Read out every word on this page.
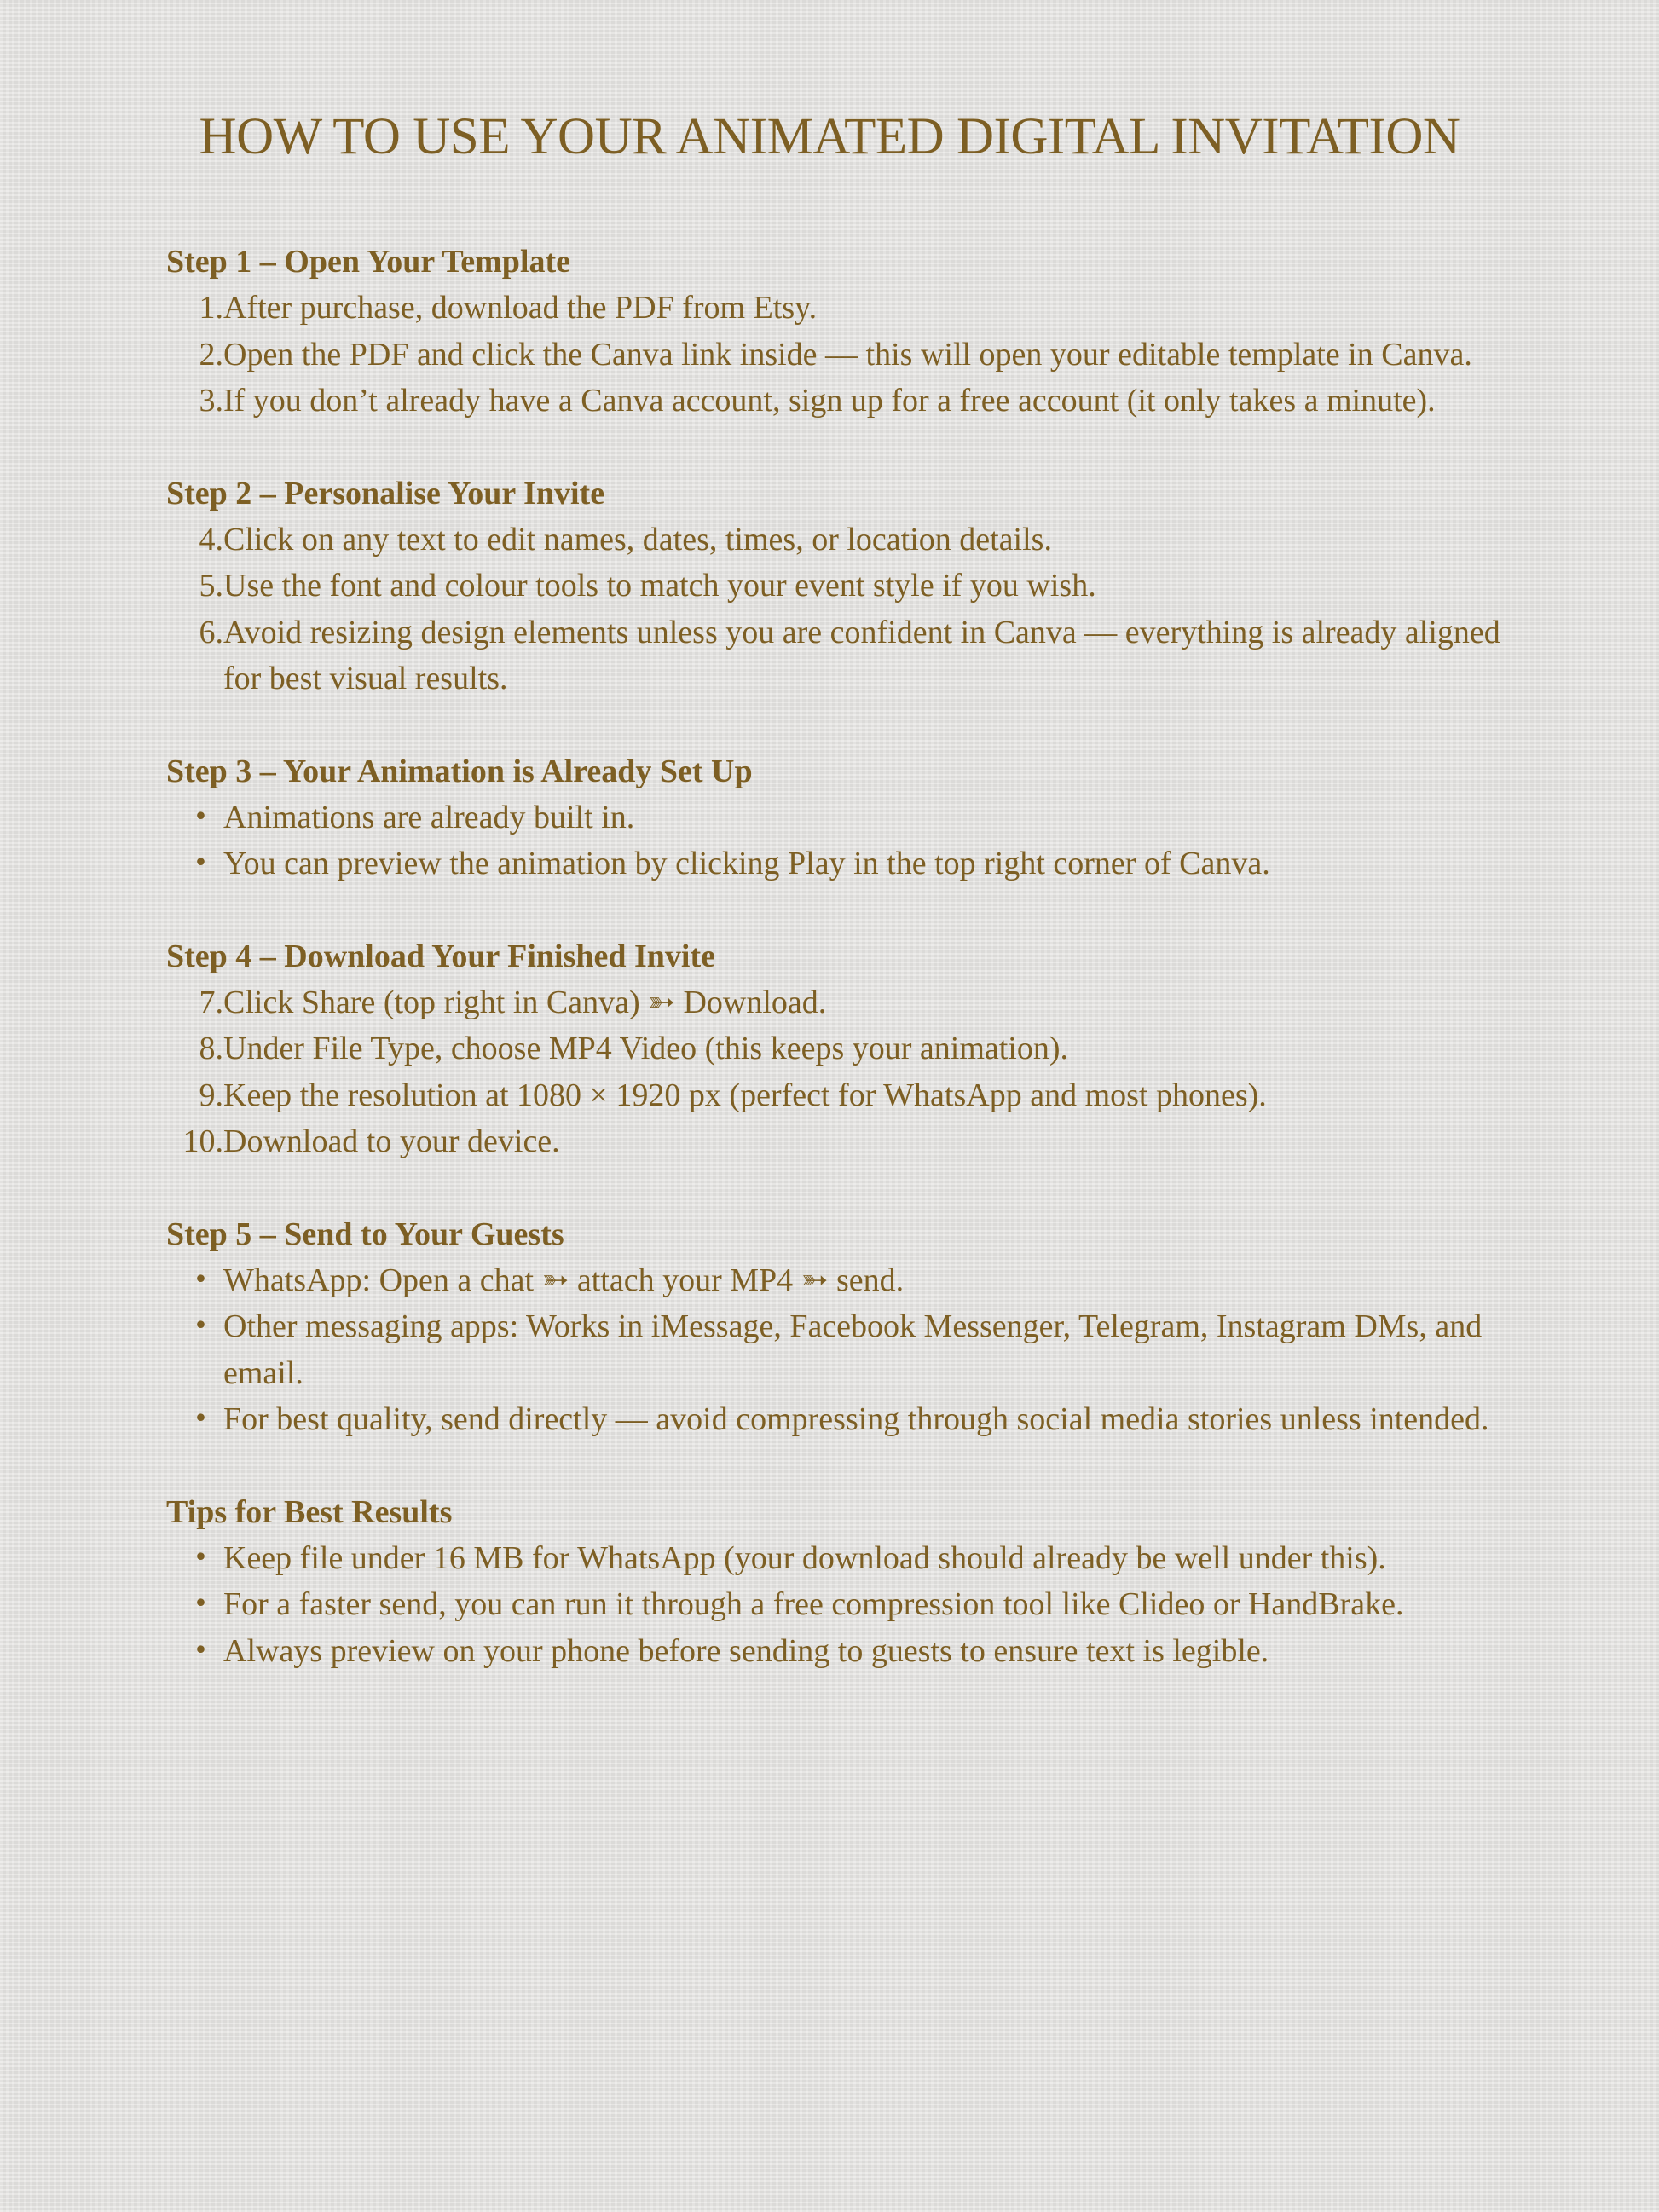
HOW TO USE YOUR ANIMATED DIGITAL INVITATION
Step 1 – Open Your Template
1. After purchase, download the PDF from Etsy.
2. Open the PDF and click the Canva link inside — this will open your editable template in Canva.
3. If you don’t already have a Canva account, sign up for a free account (it only takes a minute).
Step 2 – Personalise Your Invite
4. Click on any text to edit names, dates, times, or location details.
5. Use the font and colour tools to match your event style if you wish.
6. Avoid resizing design elements unless you are confident in Canva — everything is already aligned for best visual results.
Step 3 – Your Animation is Already Set Up
• Animations are already built in.
• You can preview the animation by clicking Play in the top right corner of Canva.
Step 4 – Download Your Finished Invite
7. Click Share (top right in Canva) ➳ Download.
8. Under File Type, choose MP4 Video (this keeps your animation).
9. Keep the resolution at 1080 × 1920 px (perfect for WhatsApp and most phones).
10. Download to your device.
Step 5 – Send to Your Guests
• WhatsApp: Open a chat ➳ attach your MP4 ➳ send.
• Other messaging apps: Works in iMessage, Facebook Messenger, Telegram, Instagram DMs, and email.
• For best quality, send directly — avoid compressing through social media stories unless intended.
Tips for Best Results
• Keep file under 16 MB for WhatsApp (your download should already be well under this).
• For a faster send, you can run it through a free compression tool like Clideo or HandBrake.
• Always preview on your phone before sending to guests to ensure text is legible.
